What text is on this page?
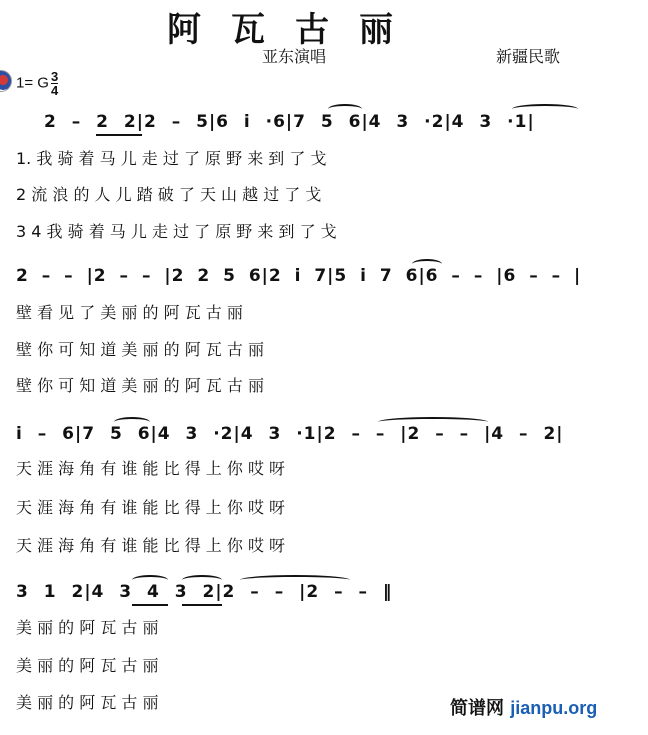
阿瓦古丽
亚东演唱	新疆民歌
1= G $\frac{3}{4}$
2 – 2 2|2 – 5|6 i ·6|7 5 6|4 3 ·2|4 3 ·1|
1. 我 骑 着 马 儿 走 过 了 原 野 来 到 了 戈
2 流 浪 的 人 儿 踏 破 了 天 山 越 过 了 戈
3 4 我 骑 着 马 儿 走 过 了 原 野 来 到 了 戈
2 – – |2 – – |2 2 5 6|2 i 7|5 i 7 6|6 – – |6 – – |
壁 看 见 了 美 丽 的 阿 瓦 古 丽
壁 你 可 知 道 美 丽 的 阿 瓦 古 丽
壁 你 可 知 道 美 丽 的 阿 瓦 古 丽
i – 6|7 5 6|4 3 ·2|4 3 ·1|2 – – |2 – – |4 – 2|
天 涯 海 角 有 谁 能 比 得 上 你 哎 呀
天 涯 海 角 有 谁 能 比 得 上 你 哎 呀
天 涯 海 角 有 谁 能 比 得 上 你 哎 呀
3 1 2|4 3 4 3 2|2 – – |2 – – ‖
美 丽 的 阿 瓦 古 丽
美 丽 的 阿 瓦 古 丽
美 丽 的 阿 瓦 古 丽	简谱网 jianpu.org
